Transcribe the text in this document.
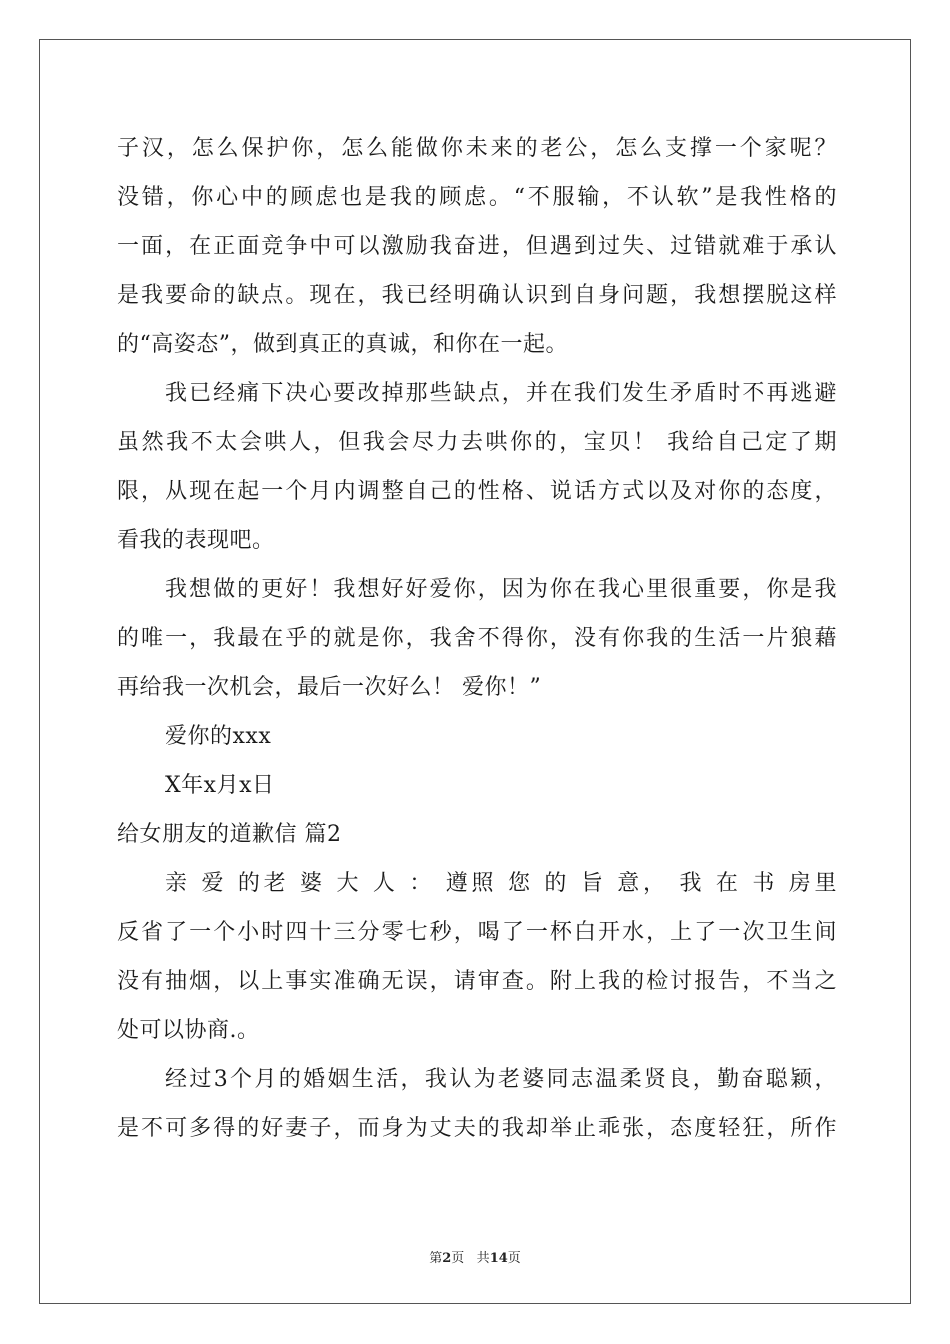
子汉，怎么保护你，怎么能做你未来的老公，怎么支撑一个家呢？
没错，你心中的顾虑也是我的顾虑。“不服输，不认软”是我性格的
一面，在正面竞争中可以激励我奋进，但遇到过失、过错就难于承认
是我要命的缺点。现在，我已经明确认识到自身问题，我想摆脱这样
的“高姿态”，做到真正的真诚，和你在一起。
我已经痛下决心要改掉那些缺点，并在我们发生矛盾时不再逃避
虽然我不太会哄人，但我会尽力去哄你的，宝贝！ 我给自己定了期
限，从现在起一个月内调整自己的性格、说话方式以及对你的态度，
看我的表现吧。
我想做的更好！我想好好爱你，因为你在我心里很重要，你是我
的唯一，我最在乎的就是你，我舍不得你，没有你我的生活一片狼藉
再给我一次机会，最后一次好么！ 爱你！”
爱你的xxx
X年x月x日
给女朋友的道歉信 篇2
亲 爱 的老 婆 大 人 ： 遵照 您 的 旨 意， 我 在 书 房里
反省了一个小时四十三分零七秒，喝了一杯白开水，上了一次卫生间
没有抽烟，以上事实准确无误，请审查。附上我的检讨报告，不当之
处可以协商.。
经过3个月的婚姻生活，我认为老婆同志温柔贤良，勤奋聪颖，
是不可多得的好妻子，而身为丈夫的我却举止乖张，态度轻狂，所作
第2页 共14页
